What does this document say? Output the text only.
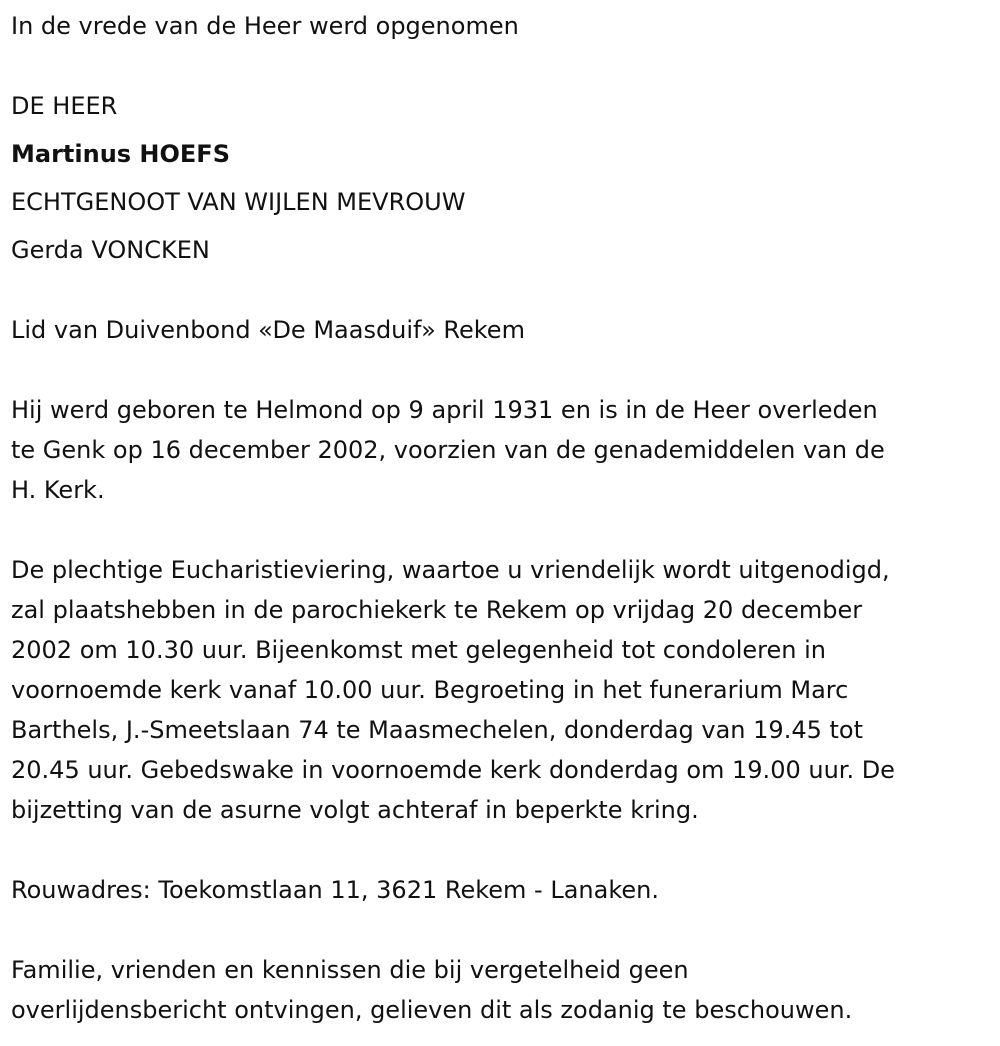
In de vrede van de Heer werd opgenomen

DE HEER

Martinus HOEFS

ECHTGENOOT VAN WIJLEN MEVROUW

Gerda VONCKEN

Lid van Duivenbond «De Maasduif» Rekem

Hij werd geboren te Helmond op 9 april 1931 en is in de Heer overleden

te Genk op 16 december 2002, voorzien van de genademiddelen van de

H. Kerk.

De plechtige Eucharistieviering, waartoe u vriendelijk wordt uitgenodigd,

zal plaatshebben in de parochiekerk te Rekem op vrijdag 20 december

2002 om 10.30 uur. Bijeenkomst met gelegenheid tot condoleren in

voornoemde kerk vanaf 10.00 uur. Begroeting in het funerarium Marc

Barthels, J.-Smeetslaan 74 te Maasmechelen, donderdag van 19.45 tot

20.45 uur. Gebedswake in voornoemde kerk donderdag om 19.00 uur. De

bijzetting van de asurne volgt achteraf in beperkte kring.

Rouwadres: Toekomstlaan 11, 3621 Rekem - Lanaken.

Familie, vrienden en kennissen die bij vergetelheid geen

overlijdensbericht ontvingen, gelieven dit als zodanig te beschouwen.
